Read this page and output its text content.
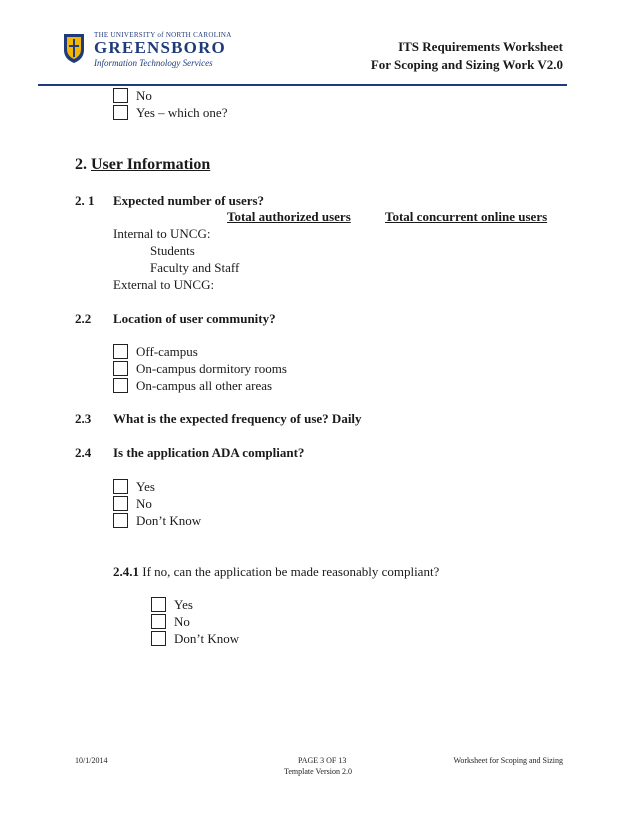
THE UNIVERSITY of NORTH CAROLINA
GREENSBORO
Information Technology Services
ITS Requirements Worksheet
For Scoping and Sizing Work V2.0
No
Yes – which one?
2. User Information
2. 1 Expected number of users?
Total authorized users	Total concurrent online users
Internal to UNCG:
Students
Faculty and Staff
External to UNCG:
2.2 Location of user community?
Off-campus
On-campus dormitory rooms
On-campus all other areas
2.3 What is the expected frequency of use? Daily
2.4 Is the application ADA compliant?
Yes
No
Don’t Know
2.4.1 If no, can the application be made reasonably compliant?
Yes
No
Don’t Know
10/1/2014	PAGE 3 OF 13
Template Version 2.0
Worksheet for Scoping and Sizing
